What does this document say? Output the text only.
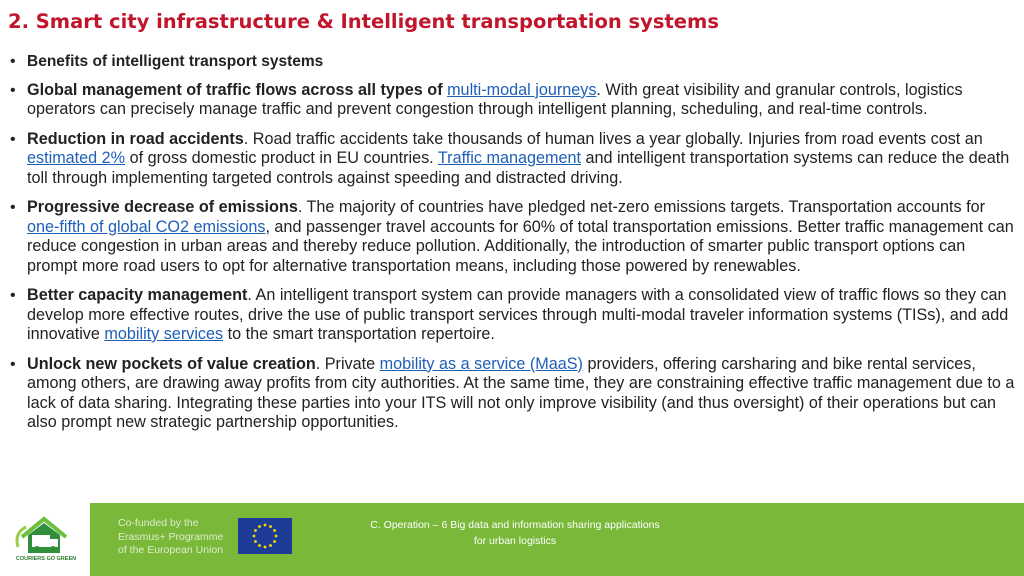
2. Smart city infrastructure & Intelligent transportation systems
• Benefits of intelligent transport systems
• Global management of traffic flows across all types of multi-modal journeys. With great visibility and granular controls, logistics operators can precisely manage traffic and prevent congestion through intelligent planning, scheduling, and real-time controls.
• Reduction in road accidents. Road traffic accidents take thousands of human lives a year globally. Injuries from road events cost an estimated 2% of gross domestic product in EU countries. Traffic management and intelligent transportation systems can reduce the death toll through implementing targeted controls against speeding and distracted driving.
• Progressive decrease of emissions. The majority of countries have pledged net-zero emissions targets. Transportation accounts for one-fifth of global CO2 emissions, and passenger travel accounts for 60% of total transportation emissions. Better traffic management can reduce congestion in urban areas and thereby reduce pollution. Additionally, the introduction of smarter public transport options can prompt more road users to opt for alternative transportation means, including those powered by renewables.
• Better capacity management. An intelligent transport system can provide managers with a consolidated view of traffic flows so they can develop more effective routes, drive the use of public transport services through multi-modal traveler information systems (TISs), and add innovative mobility services to the smart transportation repertoire.
• Unlock new pockets of value creation. Private mobility as a service (MaaS) providers, offering carsharing and bike rental services, among others, are drawing away profits from city authorities. At the same time, they are constraining effective traffic management due to a lack of data sharing. Integrating these parties into your ITS will not only improve visibility (and thus oversight) of their operations but can also prompt new strategic partnership opportunities.
COURIERS GO GREEN
Co-funded by the
Erasmus+ Programme
of the European Union
C. Operation – 6 Big data and information sharing applications
for urban logistics
